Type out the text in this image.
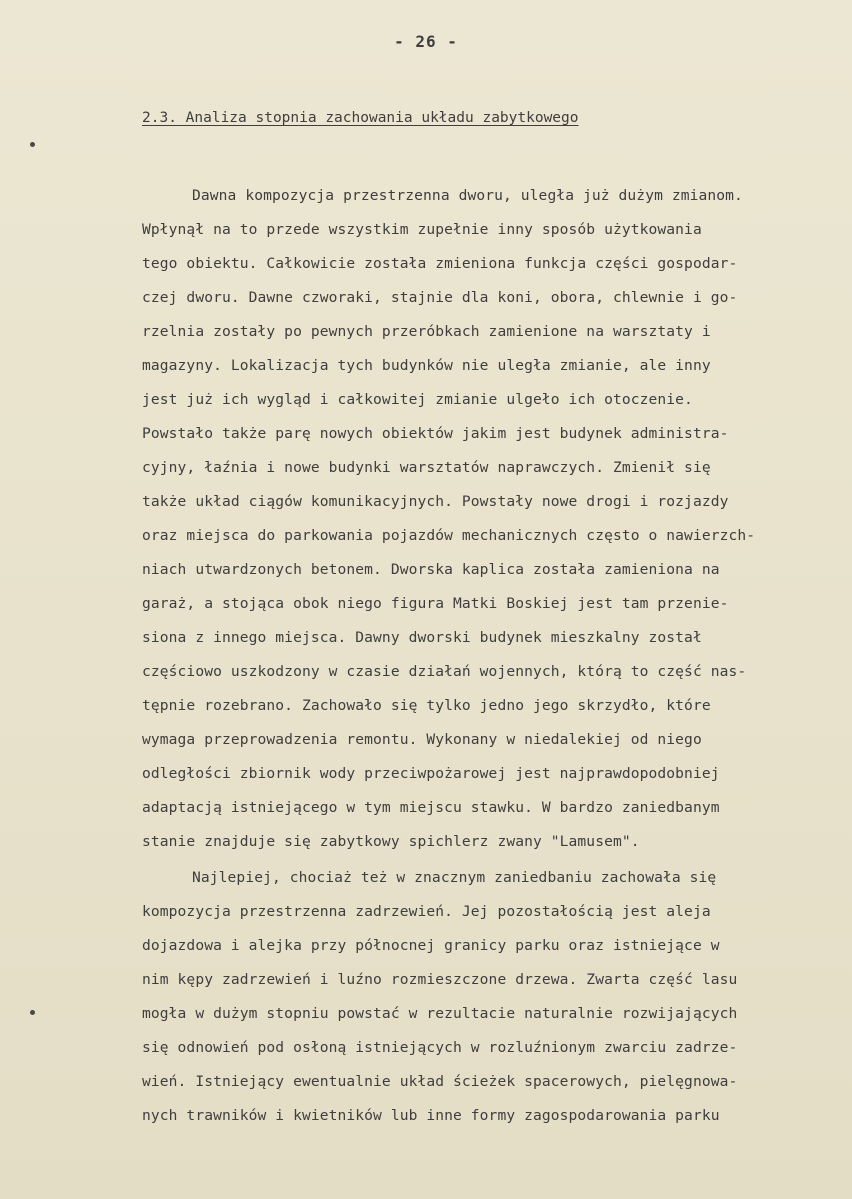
- 26 -
2.3. Analiza stopnia zachowania układu zabytkowego
Dawna kompozycja przestrzenna dworu, uległa już dużym zmianom.
Wpłynął na to przede wszystkim zupełnie inny sposób użytkowania
tego obiektu. Całkowicie została zmieniona funkcja części gospodar-
czej dworu. Dawne czworaki, stajnie dla koni, obora, chlewnie i go-
rzelnia zostały po pewnych przeróbkach zamienione na warsztaty i
magazyny. Lokalizacja tych budynków nie uległa zmianie, ale inny
jest już ich wygląd i całkowitej zmianie ulgeło ich otoczenie.
Powstało także parę nowych obiektów jakim jest budynek administra-
cyjny, łaźnia i nowe budynki warsztatów naprawczych. Zmienił się
także układ ciągów komunikacyjnych. Powstały nowe drogi i rozjazdy
oraz miejsca do parkowania pojazdów mechanicznych często o nawierzch-
niach utwardzonych betonem. Dworska kaplica została zamieniona na
garaż, a stojąca obok niego figura Matki Boskiej jest tam przenie-
siona z innego miejsca. Dawny dworski budynek mieszkalny został
częściowo uszkodzony w czasie działań wojennych, którą to część nas-
tępnie rozebrano. Zachowało się tylko jedno jego skrzydło, które
wymaga przeprowadzenia remontu. Wykonany w niedalekiej od niego
odległości zbiornik wody przeciwpożarowej jest najprawdopodobniej
adaptacją istniejącego w tym miejscu stawku. W bardzo zaniedbanym
stanie znajduje się zabytkowy spichlerz zwany "Lamusem".
Najlepiej, chociaż też w znacznym zaniedbaniu zachowała się
kompozycja przestrzenna zadrzewień. Jej pozostałością jest aleja
dojazdowa i alejka przy północnej granicy parku oraz istniejące w
nim kępy zadrzewień i luźno rozmieszczone drzewa. Zwarta część lasu
mogła w dużym stopniu powstać w rezultacie naturalnie rozwijających
się odnowień pod osłoną istniejących w rozluźnionym zwarciu zadrze-
wień. Istniejący ewentualnie układ ścieżek spacerowych, pielęgnowa-
nych trawników i kwietników lub inne formy zagospodarowania parku
